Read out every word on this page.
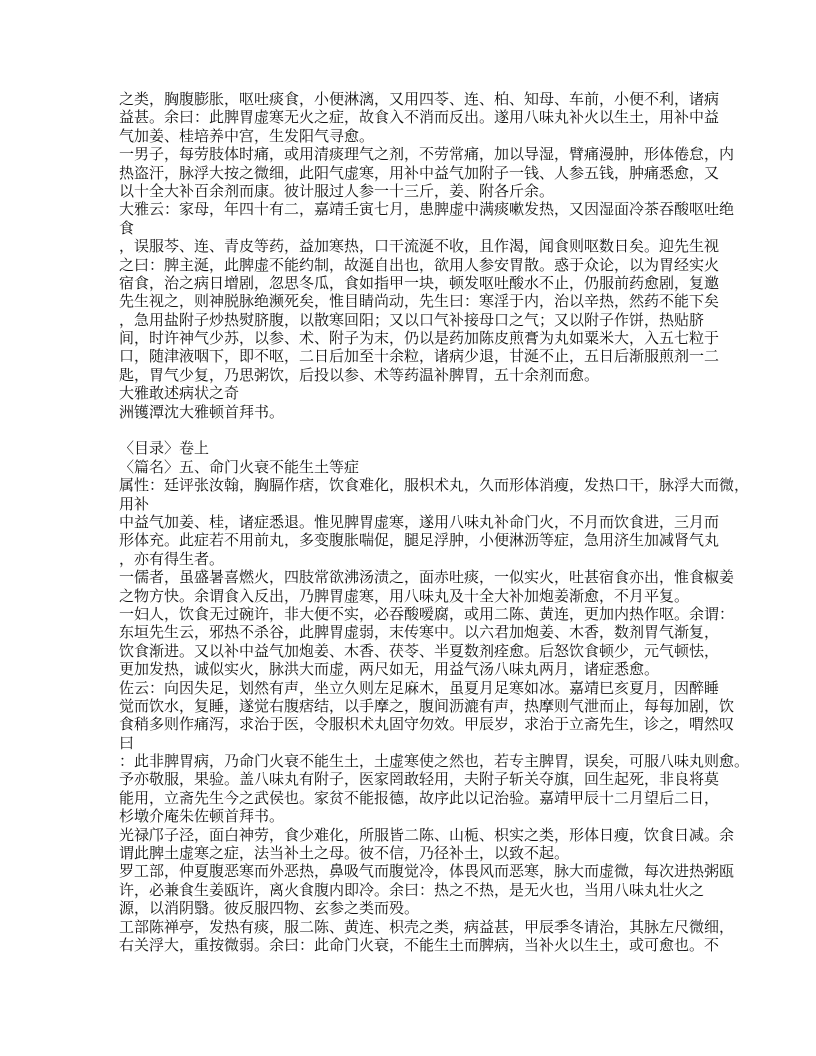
之类，胸腹膨胀，呕吐痰食，小便淋漓，又用四苓、连、柏、知母、车前，小便不利，诸病
益甚。余曰：此脾胃虚寒无火之症，故食入不消而反出。遂用八味丸补火以生土，用补中益
气加姜、桂培养中宫，生发阳气寻愈。
一男子，每劳肢体时痛，或用清痰理气之剂，不劳常痛，加以导湿，臂痛漫肿，形体倦怠，内
热盗汗，脉浮大按之微细，此阳气虚寒，用补中益气加附子一钱、人参五钱，肿痛悉愈，又
以十全大补百余剂而康。彼计服过人参一十三斤，姜、附各斤余。
大雅云：家母，年四十有二，嘉靖壬寅七月，患脾虚中满痰嗽发热，又因湿面冷茶吞酸呕吐绝
食
，误服芩、连、青皮等药，益加寒热，口干流涎不收，且作渴，闻食则呕数日矣。迎先生视
之曰：脾主涎，此脾虚不能约制，故涎自出也，欲用人参安胃散。惑于众论，以为胃经实火
宿食，治之病日增剧，忽思冬瓜，食如指甲一块，顿发呕吐酸水不止，仍服前药愈剧，复邀
先生视之，则神脱脉绝濒死矣，惟目睛尚动，先生曰：寒淫于内，治以辛热，然药不能下矣
，急用盐附子炒热熨脐腹，以散寒回阳；又以口气补接母口之气；又以附子作饼，热贴脐
间，时许神气少苏，以参、术、附子为末，仍以是药加陈皮煎膏为丸如粟米大，入五七粒于
口，随津液咽下，即不呕，二日后加至十余粒，诸病少退，甘涎不止，五日后渐服煎剂一二
匙，胃气少复，乃思粥饮，后投以参、术等药温补脾胃，五十余剂而愈。
大雅敢述病状之奇
洲镬潭沈大雅顿首拜书。
〈目录〉卷上
〈篇名〉五、命门火衰不能生土等症
属性：廷评张汝翰，胸膈作痞，饮食难化，服枳术丸，久而形体消瘦，发热口干，脉浮大而微，
用补
中益气加姜、桂，诸症悉退。惟见脾胃虚寒，遂用八味丸补命门火，不月而饮食进，三月而
形体充。此症若不用前丸，多变腹胀喘促，腿足浮肿，小便淋沥等症，急用济生加减肾气丸
，亦有得生者。
一儒者，虽盛暑喜燃火，四肢常欲沸汤渍之，面赤吐痰，一似实火，吐甚宿食亦出，惟食椒姜
之物方快。余谓食入反出，乃脾胃虚寒，用八味丸及十全大补加炮姜渐愈，不月平复。
一妇人，饮食无过碗许，非大便不实，必吞酸嗳腐，或用二陈、黄连，更加内热作呕。余谓：
东垣先生云，邪热不杀谷，此脾胃虚弱，末传寒中。以六君加炮姜、木香，数剂胃气渐复，
饮食渐进。又以补中益气加炮姜、木香、茯苓、半夏数剂痊愈。后怒饮食顿少，元气顿怯，
更加发热，诚似实火，脉洪大而虚，两尺如无，用益气汤八味丸两月，诸症悉愈。
佐云：向因失足，划然有声，坐立久则左足麻木，虽夏月足寒如冰。嘉靖巳亥夏月，因醉睡
觉而饮水，复睡，遂觉右腹痞结，以手摩之，腹间沥漉有声，热摩则气泄而止，每每加剧，饮
食稍多则作痛泻，求治于医，令服枳术丸固守勿效。甲辰岁，求治于立斋先生，诊之，喟然叹
曰
：此非脾胃病，乃命门火衰不能生土，土虚寒使之然也，若专主脾胃，误矣，可服八味丸则愈。
予亦敬服，果验。盖八味丸有附子，医家罔敢轻用，夫附子斩关夺旗，回生起死，非良将莫
能用，立斋先生今之武侯也。家贫不能报德，故序此以记治验。嘉靖甲辰十二月望后二日，
杉墩介庵朱佐顿首拜书。
光禄邝子泾，面白神劳，食少难化，所服皆二陈、山栀、枳实之类，形体日瘦，饮食日减。余
谓此脾土虚寒之症，法当补土之母。彼不信，乃径补土，以致不起。
罗工部，仲夏腹恶寒而外恶热，鼻吸气而腹觉冷，体畏风而恶寒，脉大而虚微，每次进热粥瓯
许，必兼食生姜瓯许，离火食腹内即冷。余曰：热之不热，是无火也，当用八味丸壮火之
源，以消阴翳。彼反服四物、玄参之类而殁。
工部陈禅亭，发热有痰，服二陈、黄连、枳壳之类，病益甚，甲辰季冬请治，其脉左尺微细，
右关浮大，重按微弱。余曰：此命门火衰，不能生土而脾病，当补火以生土，或可愈也。不
